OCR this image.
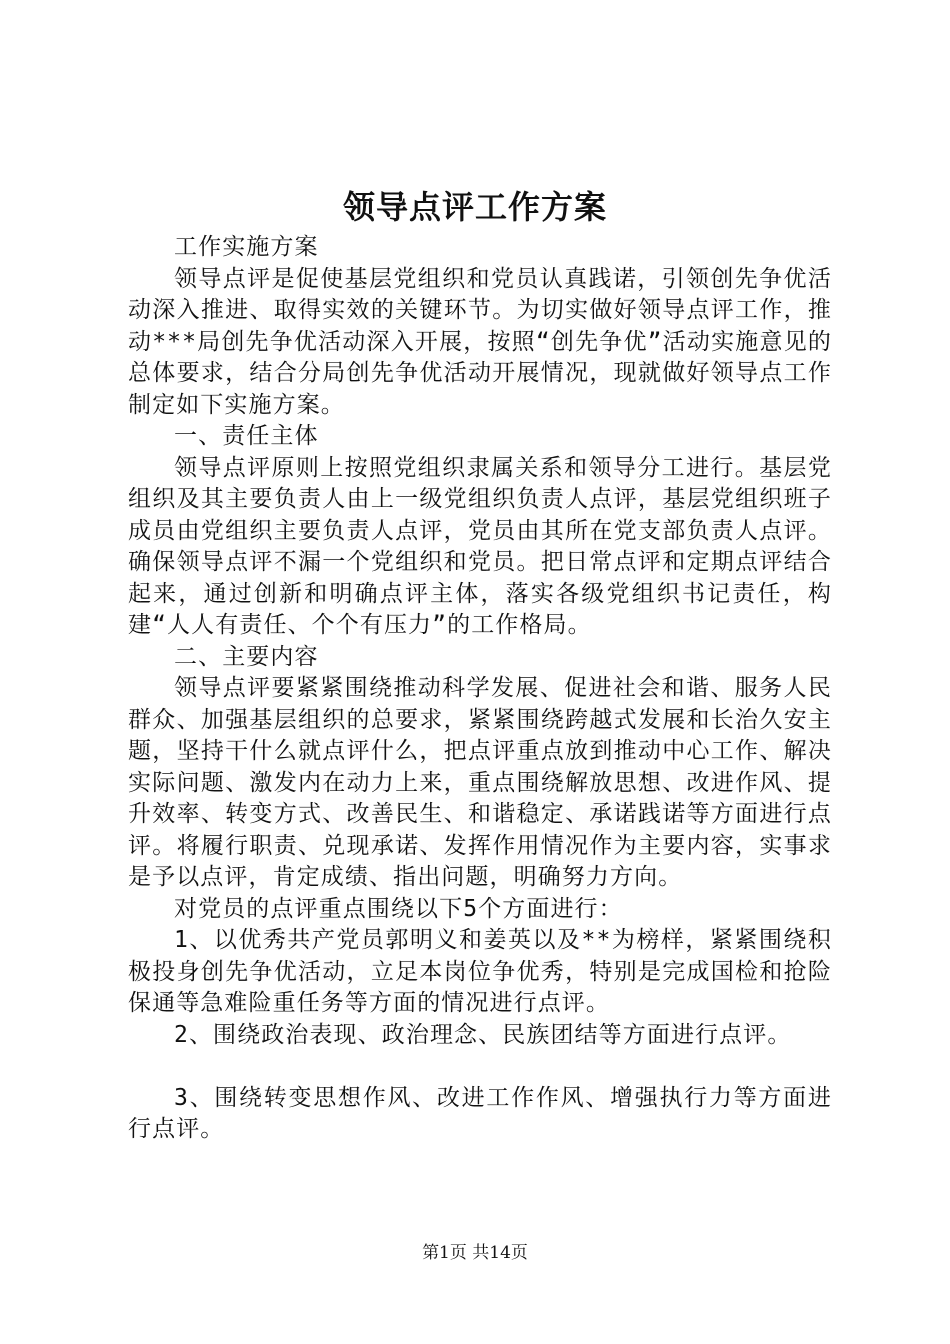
领导点评工作方案

工作实施方案

领导点评是促使基层党组织和党员认真践诺，引领创先争优活动深入推进、取得实效的关键环节。为切实做好领导点评工作，推动***局创先争优活动深入开展，按照“创先争优”活动实施意见的总体要求，结合分局创先争优活动开展情况，现就做好领导点工作制定如下实施方案。

一、责任主体

领导点评原则上按照党组织隶属关系和领导分工进行。基层党组织及其主要负责人由上一级党组织负责人点评，基层党组织班子成员由党组织主要负责人点评，党员由其所在党支部负责人点评。确保领导点评不漏一个党组织和党员。把日常点评和定期点评结合起来，通过创新和明确点评主体，落实各级党组织书记责任，构建“人人有责任、个个有压力”的工作格局。

二、主要内容

领导点评要紧紧围绕推动科学发展、促进社会和谐、服务人民群众、加强基层组织的总要求，紧紧围绕跨越式发展和长治久安主题，坚持干什么就点评什么，把点评重点放到推动中心工作、解决实际问题、激发内在动力上来，重点围绕解放思想、改进作风、提升效率、转变方式、改善民生、和谐稳定、承诺践诺等方面进行点评。将履行职责、兑现承诺、发挥作用情况作为主要内容，实事求是予以点评，肯定成绩、指出问题，明确努力方向。

对党员的点评重点围绕以下5个方面进行：

1、以优秀共产党员郭明义和姜英以及**为榜样，紧紧围绕积极投身创先争优活动，立足本岗位争优秀，特别是完成国检和抢险保通等急难险重任务等方面的情况进行点评。

2、围绕政治表现、政治理念、民族团结等方面进行点评。

3、围绕转变思想作风、改进工作作风、增强执行力等方面进行点评。

第1页 共14页
